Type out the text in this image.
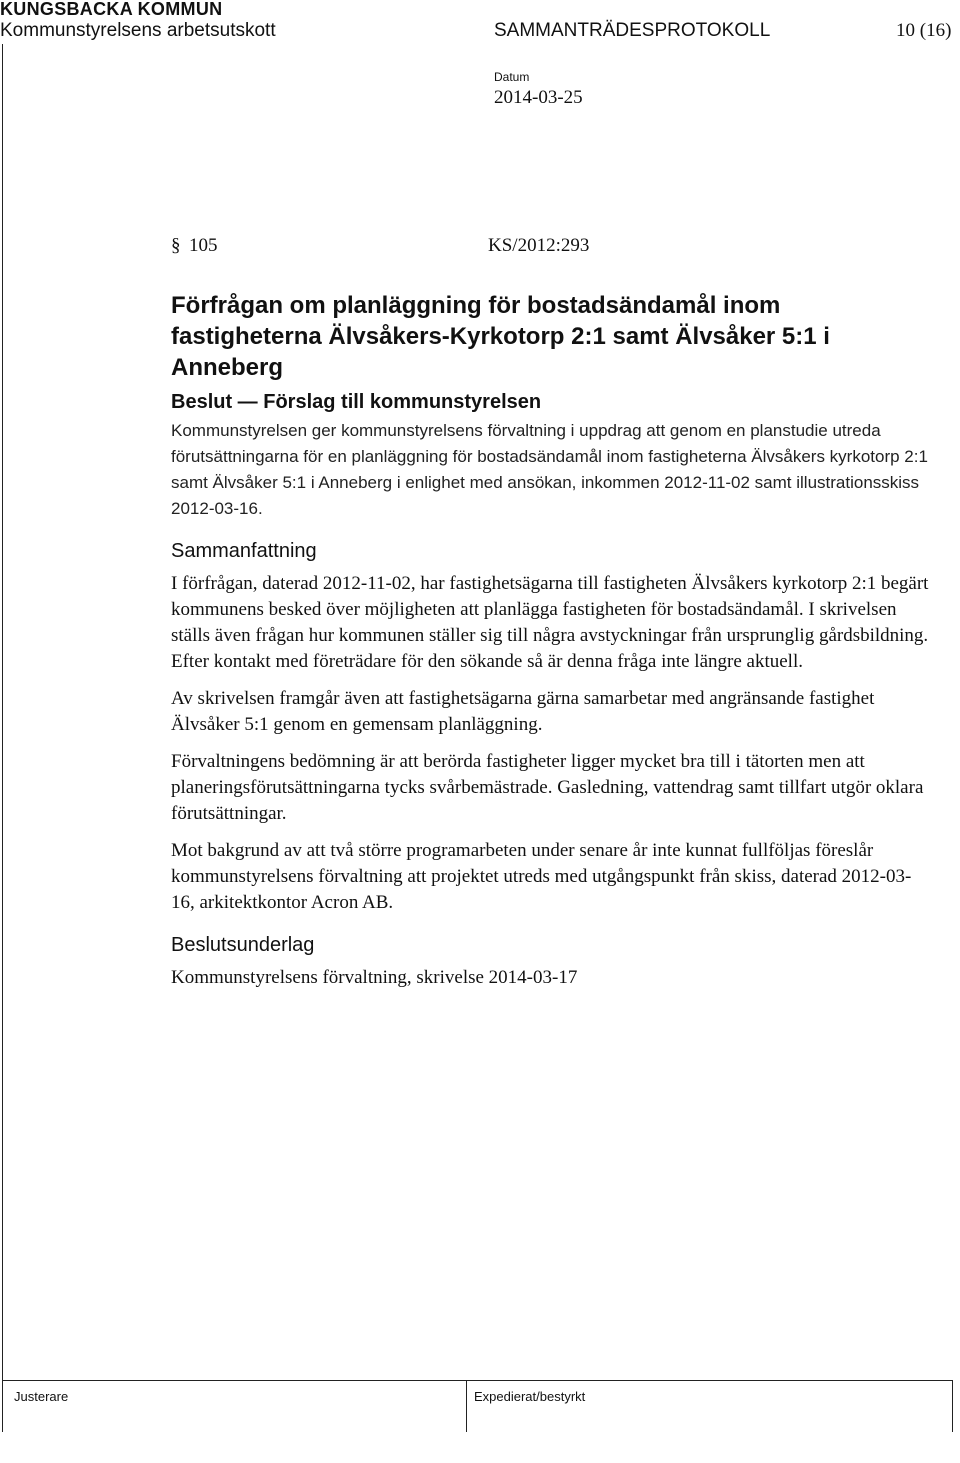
KUNGSBACKA KOMMUN
Kommunstyrelsens arbetsutskott	SAMMANTRÄDESPROTOKOLL	10 (16)
Datum
2014-03-25
§ 105	KS/2012:293
Förfrågan om planläggning för bostadsändamål inom fastigheterna Älvsåkers-Kyrkotorp 2:1 samt Älvsåker 5:1 i Anneberg
Beslut — Förslag till kommunstyrelsen

Kommunstyrelsen ger kommunstyrelsens förvaltning i uppdrag att genom en planstudie utreda förutsättningarna för en planläggning för bostadsändamål inom fastigheterna Älvsåkers kyrkotorp 2:1 samt Älvsåker 5:1 i Anneberg i enlighet med ansökan, inkommen 2012-11-02 samt illustrationsskiss 2012-03-16.

Sammanfattning

I förfrågan, daterad 2012-11-02, har fastighetsägarna till fastigheten Älvsåkers kyrkotorp 2:1 begärt kommunens besked över möjligheten att planlägga fastigheten för bostadsändamål. I skrivelsen ställs även frågan hur kommunen ställer sig till några avstyckningar från ursprunglig gårdsbildning. Efter kontakt med företrädare för den sökande så är denna fråga inte längre aktuell.

Av skrivelsen framgår även att fastighetsägarna gärna samarbetar med angränsande fastighet Älvsåker 5:1 genom en gemensam planläggning.

Förvaltningens bedömning är att berörda fastigheter ligger mycket bra till i tätorten men att planeringsförutsättningarna tycks svårbemästrade. Gasledning, vattendrag samt tillfart utgör oklara förutsättningar.

Mot bakgrund av att två större programarbeten under senare år inte kunnat fullföljas föreslår kommunstyrelsens förvaltning att projektet utreds med utgångspunkt från skiss, daterad 2012-03-16, arkitektkontor Acron AB.

Beslutsunderlag

Kommunstyrelsens förvaltning, skrivelse 2014-03-17

Justerare	Expedierat/bestyrkt
